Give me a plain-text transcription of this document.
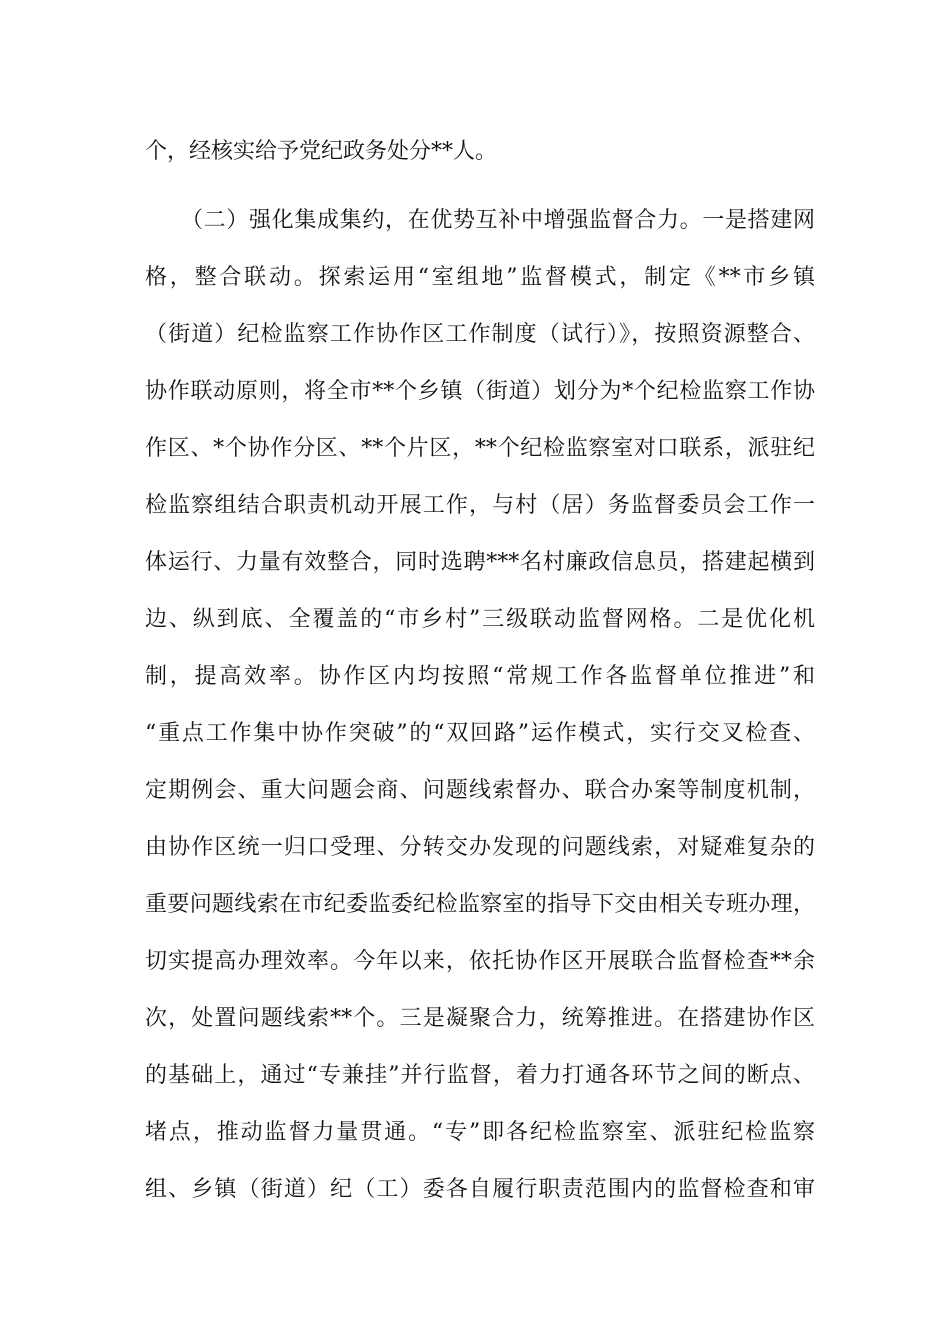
个，经核实给予党纪政务处分**人。
（二）强化集成集约，在优势互补中增强监督合力。一是搭建网
格，整合联动。探索运用“室组地”监督模式，制定《**市乡镇
（街道）纪检监察工作协作区工作制度（试行）》，按照资源整合、
协作联动原则，将全市**个乡镇（街道）划分为*个纪检监察工作协
作区、*个协作分区、**个片区，**个纪检监察室对口联系，派驻纪
检监察组结合职责机动开展工作，与村（居）务监督委员会工作一
体运行、力量有效整合，同时选聘***名村廉政信息员，搭建起横到
边、纵到底、全覆盖的“市乡村”三级联动监督网格。二是优化机
制，提高效率。协作区内均按照“常规工作各监督单位推进”和
“重点工作集中协作突破”的“双回路”运作模式，实行交叉检查、
定期例会、重大问题会商、问题线索督办、联合办案等制度机制，
由协作区统一归口受理、分转交办发现的问题线索，对疑难复杂的
重要问题线索在市纪委监委纪检监察室的指导下交由相关专班办理，
切实提高办理效率。今年以来，依托协作区开展联合监督检查**余
次，处置问题线索**个。三是凝聚合力，统筹推进。在搭建协作区
的基础上，通过“专兼挂”并行监督，着力打通各环节之间的断点、
堵点，推动监督力量贯通。“专”即各纪检监察室、派驻纪检监察
组、乡镇（街道）纪（工）委各自履行职责范围内的监督检查和审
